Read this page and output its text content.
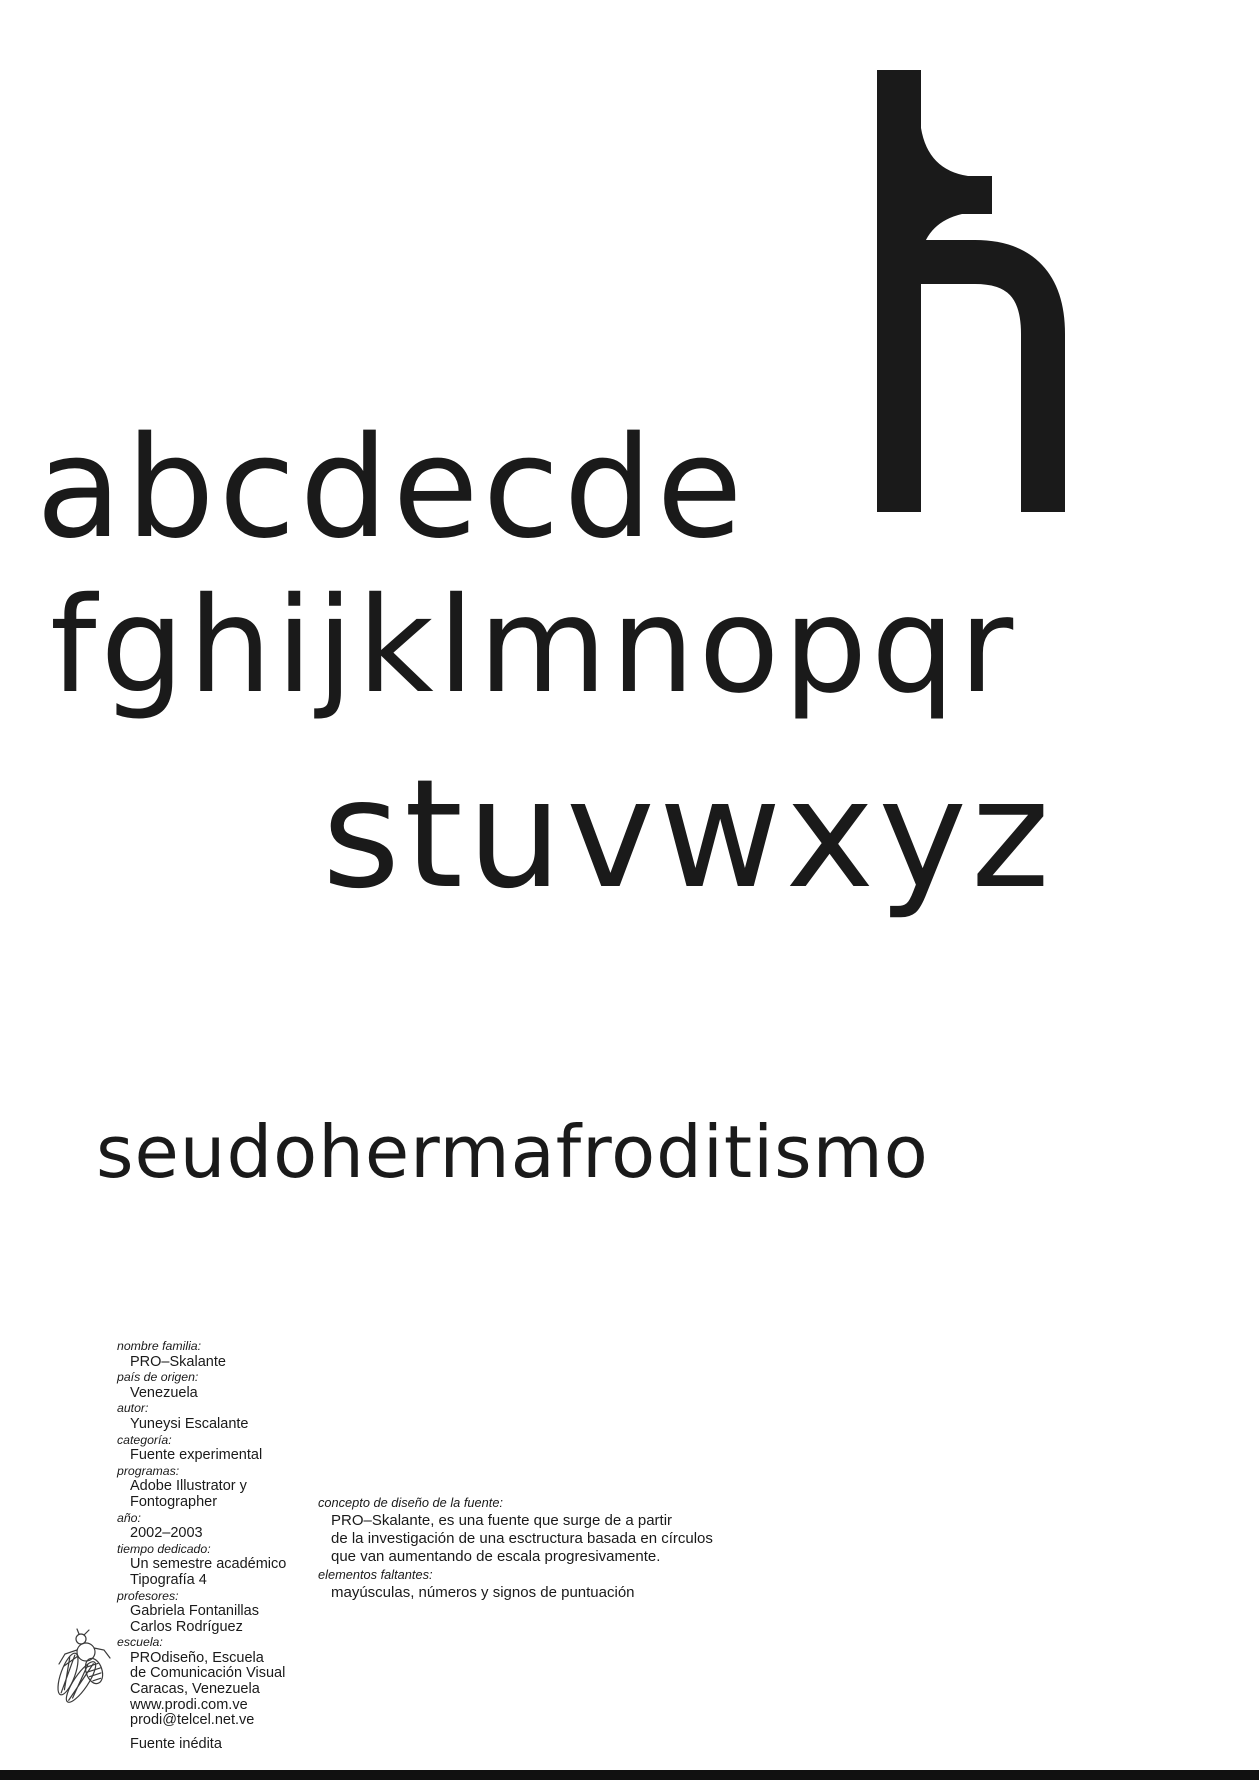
abcdecde
fghijklmnopqr
stuvwxyz
seudohermafroditismo
nombre familia:
PRO–Skalante
país de origen:
Venezuela
autor:
Yuneysi Escalante
categoría:
Fuente experimental
programas:
Adobe Illustrator y
Fontographer
año:
2002–2003
tiempo dedicado:
Un semestre académico
Tipografía 4
profesores:
Gabriela Fontanillas
Carlos Rodríguez
escuela:
PROdiseño, Escuela
de Comunicación Visual
Caracas, Venezuela
www.prodi.com.ve
prodi@telcel.net.ve
Fuente inédita
concepto de diseño de la fuente:
PRO–Skalante, es una fuente que surge de a partir
de la investigación de una esctructura basada en círculos
que van aumentando de escala progresivamente.
elementos faltantes:
mayúsculas, números y signos de puntuación
